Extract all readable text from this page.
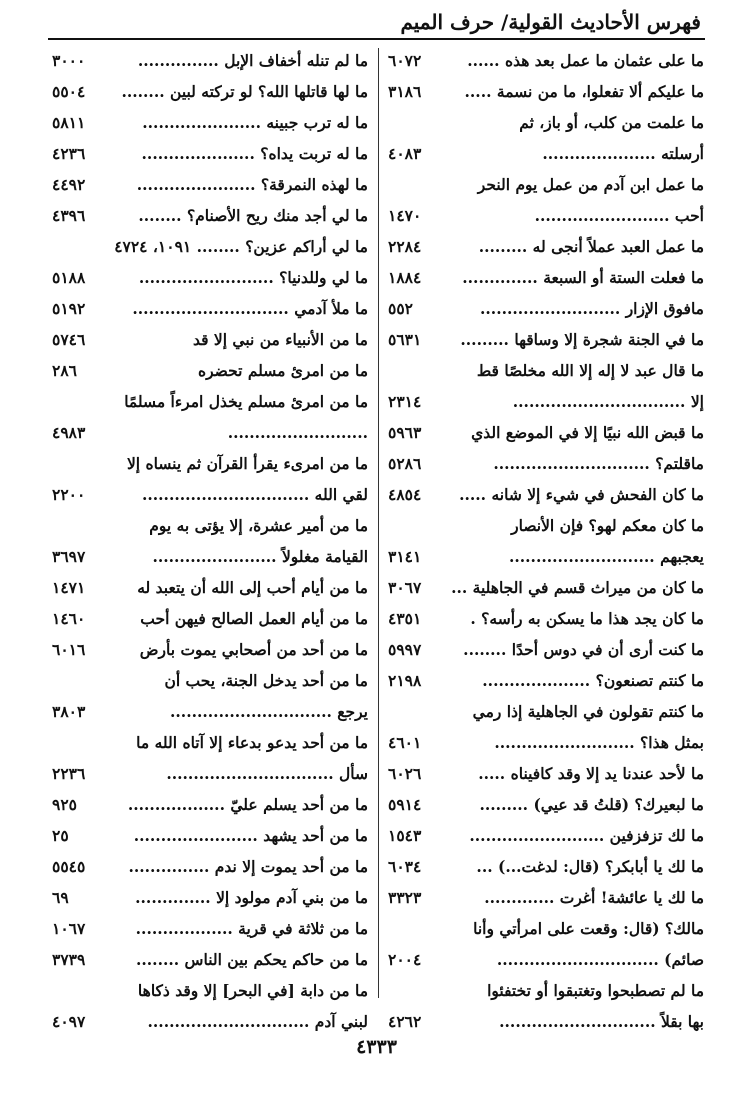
فهرس الأحاديث القولية/ حرف الميم
ما على عثمان ما عمل بعد هذه ......
٦٠٧٢
ما عليكم ألا تفعلوا، ما من نسمة .....
٣١٨٦
ما علمت من كلب، أو باز، ثم
أرسلته .....................
٤٠٨٣
ما عمل ابن آدم من عمل يوم النحر
أحب .........................
١٤٧٠
ما عمل العبد عملاً أنجى له .........
٢٢٨٤
ما فعلت الستة أو السبعة ..............
١٨٨٤
مافوق الإزار ..........................
٥٥٢
ما في الجنة شجرة إلا وساقها .........
٥٦٣١
ما قال عبد لا إله إلا الله مخلصًا قط
إلا ................................
٢٣١٤
ما قبض الله نبيًا إلا في الموضع الذي
٥٩٦٣
ماقلتم؟ .............................
٥٢٨٦
ما كان الفحش في شيء إلا شانه .....
٤٨٥٤
ما كان معكم لهو؟ فإن الأنصار
يعجبهم ...........................
٣١٤١
ما كان من ميراث قسم في الجاهلية ...
٣٠٦٧
ما كان يجد هذا ما يسكن به رأسه؟ .
٤٣٥١
ما كنت أرى أن في دوس أحدًا ........
٥٩٩٧
ما كنتم تصنعون؟ ....................
٢١٩٨
ما كنتم تقولون في الجاهلية إذا رمي
بمثل هذا؟ ..........................
٤٦٠١
ما لأحد عندنا يد إلا وقد كافيناه .....
٦٠٢٦
ما لبعيرك؟ (قلتُ قد عيي) .........
٥٩١٤
ما لك تزفزفين .........................
١٥٤٣
ما لك يا أبابكر؟ (قال: لدغت...) ...
٦٠٣٤
ما لك يا عائشة! أغرت .............
٣٣٢٣
مالك؟ (قال: وقعت على امرأتي وأنا
صائم) ..............................
٢٠٠٤
ما لم تصطبحوا وتغتبقوا أو تختفئوا
بها بقلاً .............................
٤٢٦٢
ما لم تنله أخفاف الإبل ...............
٣٠٠٠
ما لها قاتلها الله؟ لو تركته لبين ........
٥٥٠٤
ما له ترب جبينه ......................
٥٨١١
ما له تربت يداه؟ .....................
٤٢٣٦
ما لهذه النمرقة؟ ......................
٤٤٩٢
ما لي أجد منك ريح الأصنام؟ ........
٤٣٩٦
ما لي أراكم عزين؟ ........ ١٠٩١، ٤٧٢٤
ما لي وللدنيا؟ .........................
٥١٨٨
ما ملأ آدمي .............................
٥١٩٢
ما من الأنبياء من نبي إلا قد
٥٧٤٦
ما من امرئ مسلم تحضره
٢٨٦
ما من امرئ مسلم يخذل امرءاً مسلمًا
..........................
٤٩٨٣
ما من امرىء يقرأ القرآن ثم ينساه إلا
لقي الله ...............................
٢٢٠٠
ما من أمير عشرة، إلا يؤتى به يوم
القيامة مغلولاً .......................
٣٦٩٧
ما من أيام أحب إلى الله أن يتعبد له
١٤٧١
ما من أيام العمل الصالح فيهن أحب
١٤٦٠
ما من أحد من أصحابي يموت بأرض
٦٠١٦
ما من أحد يدخل الجنة، يحب أن
يرجع ..............................
٣٨٠٣
ما من أحد يدعو بدعاء إلا آتاه الله ما
سأل ...............................
٢٢٣٦
ما من أحد يسلم عليّ ..................
٩٢٥
ما من أحد يشهد .......................
٢٥
ما من أحد يموت إلا ندم ...............
٥٥٤٥
ما من بني آدم مولود إلا ..............
٦٩
ما من ثلاثة في قرية ..................
١٠٦٧
ما من حاكم يحكم بين الناس ........
٣٧٣٩
ما من دابة [في البحر] إلا وقد ذكاها
لبني آدم ..............................
٤٠٩٧
٤٣٣٣
